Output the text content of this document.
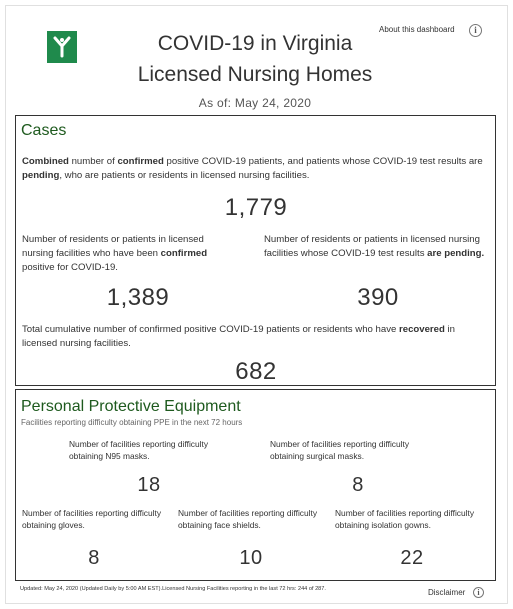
COVID-19 in Virginia
Licensed Nursing Homes
As of: May 24, 2020
About this dashboard	i
Cases
Combined number of confirmed positive COVID-19 patients, and patients whose COVID-19 test results are pending, who are patients or residents in licensed nursing facilities.
1,779
Number of residents or patients in licensed nursing facilities who have been confirmed positive for COVID-19.
1,389
Number of residents or patients in licensed nursing facilities whose COVID-19 test results are pending.
390
Total cumulative number of confirmed positive COVID-19 patients or residents who have recovered in licensed nursing facilities.
682
Personal Protective Equipment
Facilities reporting difficulty obtaining PPE in the next 72 hours
Number of facilities reporting difficulty obtaining N95 masks.
18
Number of facilities reporting difficulty obtaining surgical masks.
8
Number of facilities reporting difficulty obtaining gloves.
8
Number of facilities reporting difficulty obtaining face shields.
10
Number of facilities reporting difficulty obtaining isolation gowns.
22
Updated: May 24, 2020 (Updated Daily by 5:00 AM EST).Licensed Nursing Facilities reporting in the last 72 hrs: 244 of 287.	Disclaimer	i
